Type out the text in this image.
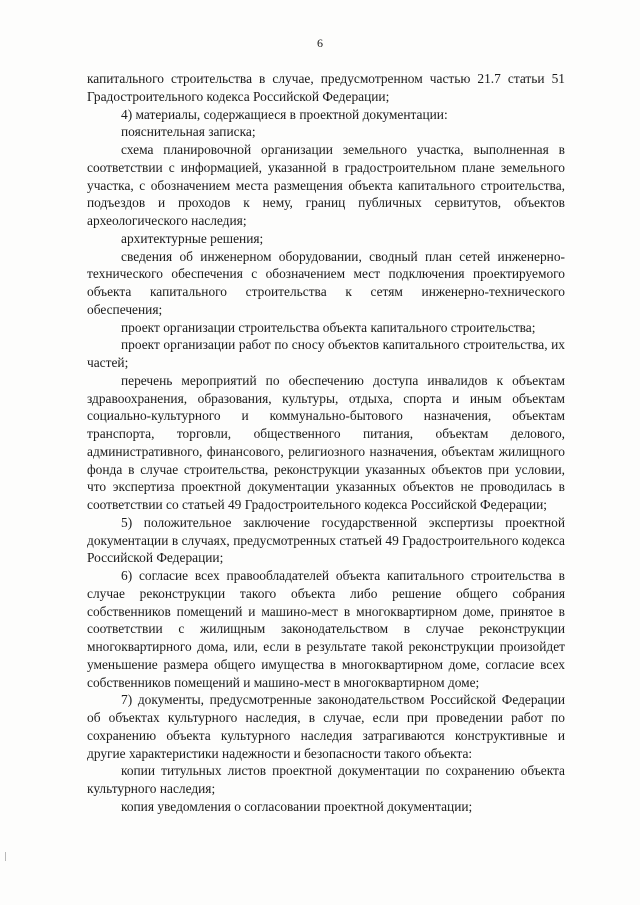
6

капитального строительства в случае, предусмотренном частью 21.7 статьи 51 Градостроительного кодекса Российской Федерации;

4) материалы, содержащиеся в проектной документации:

пояснительная записка;

схема планировочной организации земельного участка, выполненная в соответствии с информацией, указанной в градостроительном плане земельного участка, с обозначением места размещения объекта капитального строительства, подъездов и проходов к нему, границ публичных сервитутов, объектов археологического наследия;

архитектурные решения;

сведения об инженерном оборудовании, сводный план сетей инженерно-технического обеспечения с обозначением мест подключения проектируемого объекта капитального строительства к сетям инженерно-технического обеспечения;

проект организации строительства объекта капитального строительства;

проект организации работ по сносу объектов капитального строительства, их частей;

перечень мероприятий по обеспечению доступа инвалидов к объектам здравоохранения, образования, культуры, отдыха, спорта и иным объектам социально-культурного и коммунально-бытового назначения, объектам транспорта, торговли, общественного питания, объектам делового, административного, финансового, религиозного назначения, объектам жилищного фонда в случае строительства, реконструкции указанных объектов при условии, что экспертиза проектной документации указанных объектов не проводилась в соответствии со статьей 49 Градостроительного кодекса Российской Федерации;

5) положительное заключение государственной экспертизы проектной документации в случаях, предусмотренных статьей 49 Градостроительного кодекса Российской Федерации;

6) согласие всех правообладателей объекта капитального строительства в случае реконструкции такого объекта либо решение общего собрания собственников помещений и машино-мест в многоквартирном доме, принятое в соответствии с жилищным законодательством в случае реконструкции многоквартирного дома, или, если в результате такой реконструкции произойдет уменьшение размера общего имущества в многоквартирном доме, согласие всех собственников помещений и машино-мест в многоквартирном доме;

7) документы, предусмотренные законодательством Российской Федерации об объектах культурного наследия, в случае, если при проведении работ по сохранению объекта культурного наследия затрагиваются конструктивные и другие характеристики надежности и безопасности такого объекта:

копии титульных листов проектной документации по сохранению объекта культурного наследия;

копия уведомления о согласовании проектной документации;
